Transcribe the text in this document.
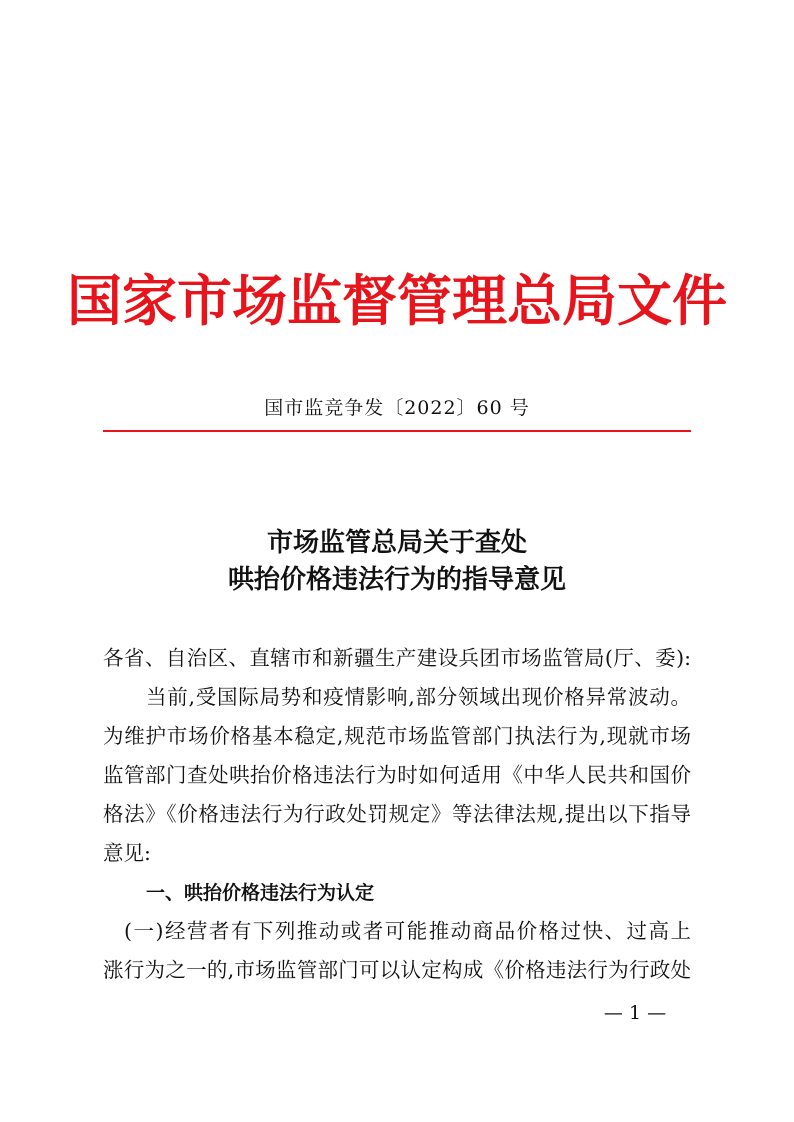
国家市场监督管理总局文件
国市监竞争发〔2022〕60 号
市场监管总局关于查处
哄抬价格违法行为的指导意见
各省、自治区、直辖市和新疆生产建设兵团市场监管局(厅、委):
当前,受国际局势和疫情影响,部分领域出现价格异常波动。
为维护市场价格基本稳定,规范市场监管部门执法行为,现就市场
监管部门查处哄抬价格违法行为时如何适用《中华人民共和国价
格法》《价格违法行为行政处罚规定》等法律法规,提出以下指导
意见:
一、哄抬价格违法行为认定
(一)经营者有下列推动或者可能推动商品价格过快、过高上
涨行为之一的,市场监管部门可以认定构成《价格违法行为行政处
— 1 —
